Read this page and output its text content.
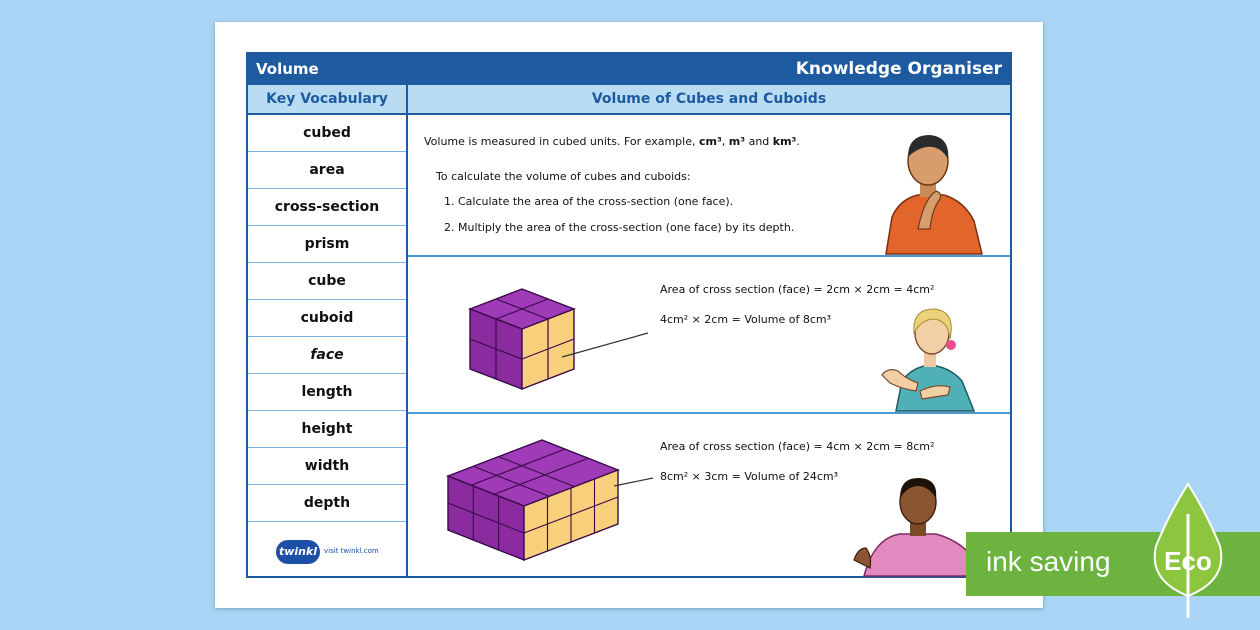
Volume	Knowledge Organiser
Key Vocabulary
cubed
area
cross-section
prism
cube
cuboid
face
length
height
width
depth
twinkl visit twinkl.com
Volume of Cubes and Cuboids
Volume is measured in cubed units. For example, cm³, m³ and km³.
To calculate the volume of cubes and cuboids:
1. Calculate the area of the cross-section (one face).
2. Multiply the area of the cross-section (one face) by its depth.
Area of cross section (face) = 2cm × 2cm = 4cm²
4cm² × 2cm = Volume of 8cm³
Area of cross section (face) = 4cm × 2cm = 8cm²
8cm² × 3cm = Volume of 24cm³
ink saving Eco
